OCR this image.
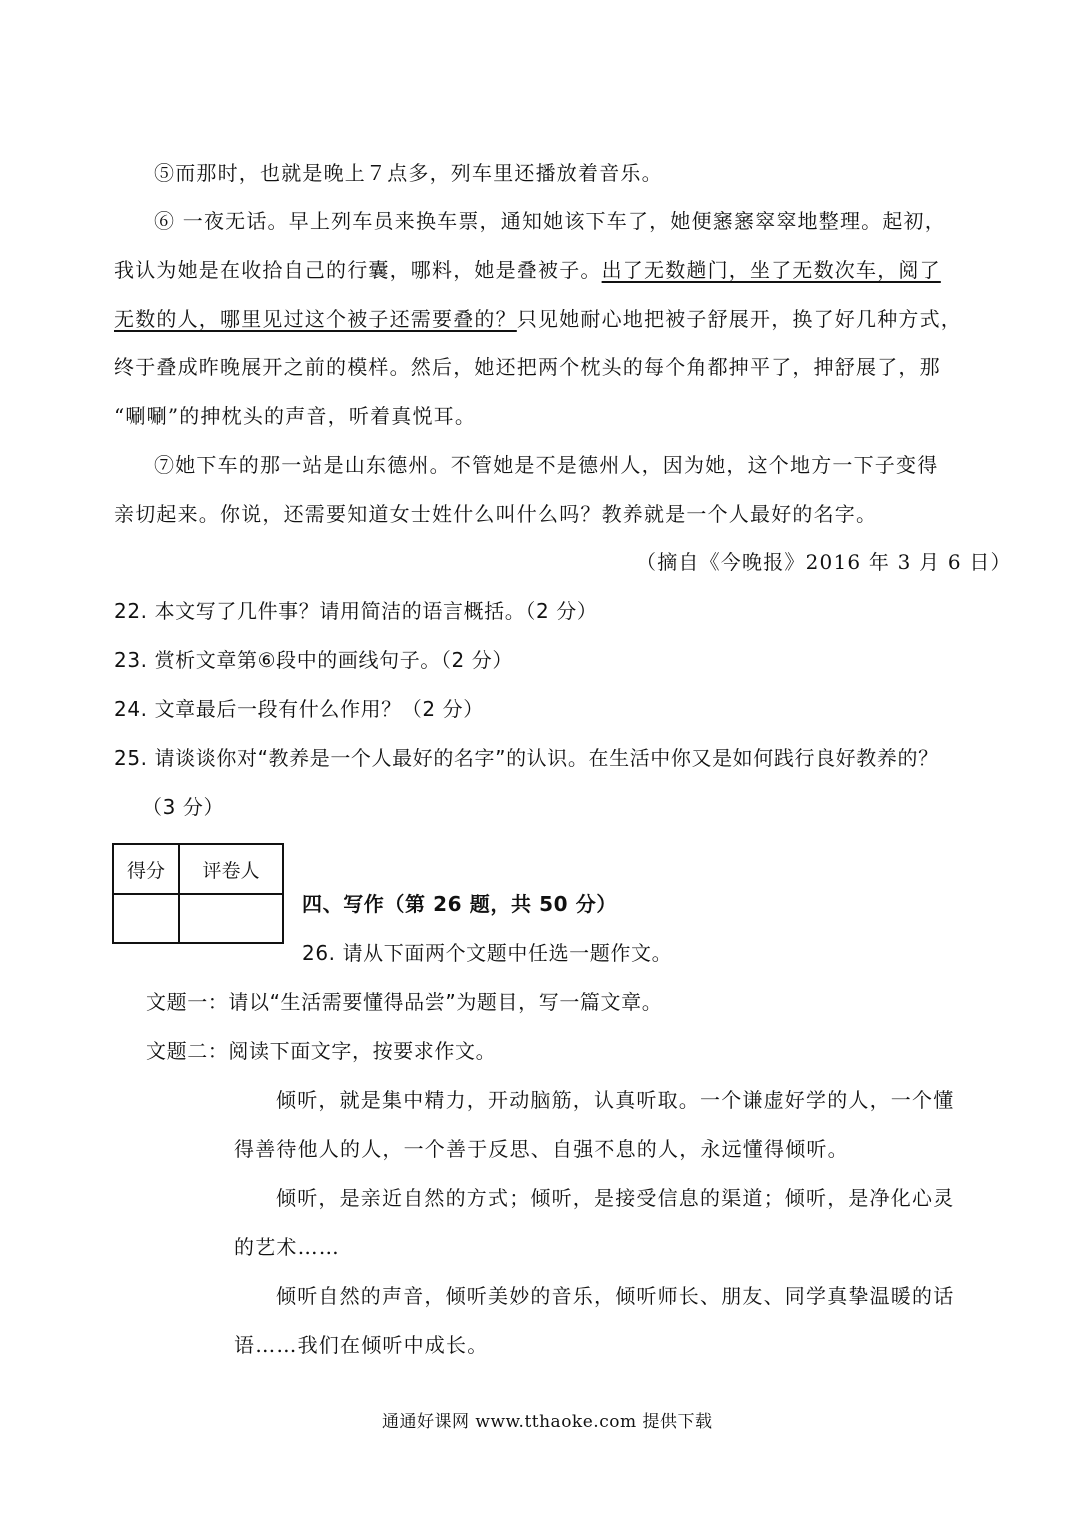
⑤而那时，也就是晚上７点多，列车里还播放着音乐。
⑥ 一夜无话。早上列车员来换车票，通知她该下车了，她便窸窸窣窣地整理。起初，
我认为她是在收拾自己的行囊，哪料，她是叠被子。出了无数趟门，坐了无数次车，阅了
无数的人，哪里见过这个被子还需要叠的？只见她耐心地把被子舒展开，换了好几种方式，
终于叠成昨晚展开之前的模样。然后，她还把两个枕头的每个角都抻平了，抻舒展了，那
“唰唰”的抻枕头的声音，听着真悦耳。
⑦她下车的那一站是山东德州。不管她是不是德州人，因为她，这个地方一下子变得
亲切起来。你说，还需要知道女士姓什么叫什么吗？教养就是一个人最好的名字。
（摘自《今晚报》2016 年 3 月 6 日）
22. 本文写了几件事？请用简洁的语言概括。（2 分）
23. 赏析文章第⑥段中的画线句子。（2 分）
24. 文章最后一段有什么作用？（2 分）
25. 请谈谈你对“教养是一个人最好的名字”的认识。在生活中你又是如何践行良好教养的？
（3 分）
得分	评卷人

四、写作（第 26 题，共 50 分）
26. 请从下面两个文题中任选一题作文。
文题一：请以“生活需要懂得品尝”为题目，写一篇文章。
文题二：阅读下面文字，按要求作文。
倾听，就是集中精力，开动脑筋，认真听取。一个谦虚好学的人，一个懂
得善待他人的人，一个善于反思、自强不息的人，永远懂得倾听。
倾听，是亲近自然的方式；倾听，是接受信息的渠道；倾听，是净化心灵
的艺术……
倾听自然的声音，倾听美妙的音乐，倾听师长、朋友、同学真挚温暖的话
语……我们在倾听中成长。
通通好课网 www.tthaoke.com 提供下载
